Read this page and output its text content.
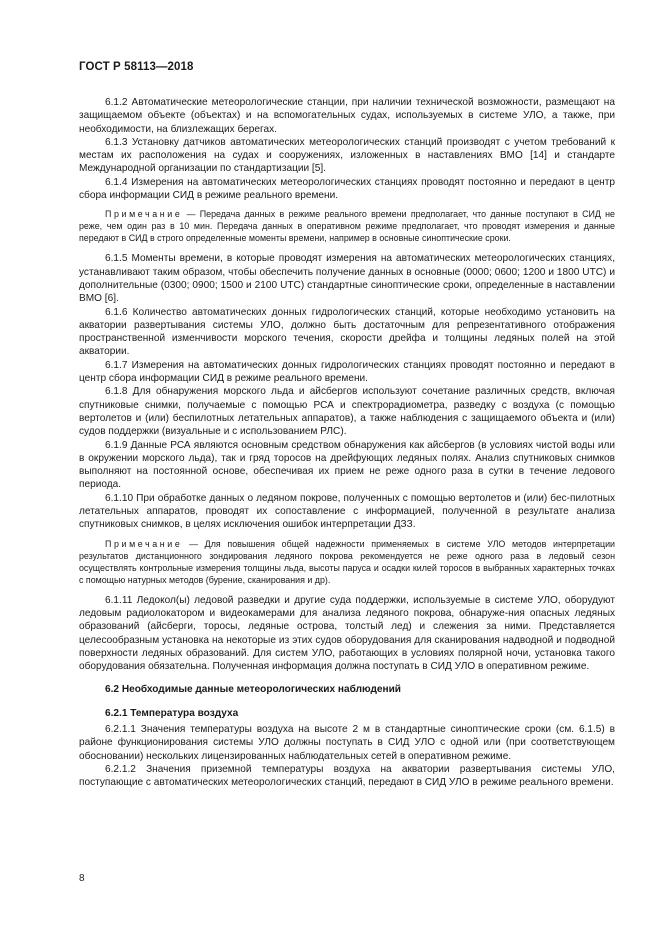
ГОСТ Р 58113—2018

6.1.2 Автоматические метеорологические станции, при наличии технической возможности, размещают на защищаемом объекте (объектах) и на вспомогательных судах, используемых в системе УЛО, а также, при необходимости, на близлежащих берегах.

6.1.3 Установку датчиков автоматических метеорологических станций производят с учетом требований к местам их расположения на судах и сооружениях, изложенных в наставлениях ВМО [14] и стандарте Международной организации по стандартизации [5].

6.1.4 Измерения на автоматических метеорологических станциях проводят постоянно и передают в центр сбора информации СИД в режиме реального времени.

Примечание — Передача данных в режиме реального времени предполагает, что данные поступают в СИД не реже, чем один раз в 10 мин. Передача данных в оперативном режиме предполагает, что проводят измерения и данные передают в СИД в строго определенные моменты времени, например в основные синоптические сроки.

6.1.5 Моменты времени, в которые проводят измерения на автоматических метеорологических станциях, устанавливают таким образом, чтобы обеспечить получение данных в основные (0000; 0600; 1200 и 1800 UTC) и дополнительные (0300; 0900; 1500 и 2100 UTC) стандартные синоптические сроки, определенные в наставлении ВМО [6].

6.1.6 Количество автоматических донных гидрологических станций, которые необходимо установить на акватории развертывания системы УЛО, должно быть достаточным для репрезентативного отображения пространственной изменчивости морского течения, скорости дрейфа и толщины ледяных полей на этой акватории.

6.1.7 Измерения на автоматических донных гидрологических станциях проводят постоянно и передают в центр сбора информации СИД в режиме реального времени.

6.1.8 Для обнаружения морского льда и айсбергов используют сочетание различных средств, включая спутниковые снимки, получаемые с помощью РСА и спектрорадиометра, разведку с воздуха (с помощью вертолетов и (или) беспилотных летательных аппаратов), а также наблюдения с защищаемого объекта и (или) судов поддержки (визуальные и с использованием РЛС).

6.1.9 Данные РСА являются основным средством обнаружения как айсбергов (в условиях чистой воды или в окружении морского льда), так и гряд торосов на дрейфующих ледяных полях. Анализ спутниковых снимков выполняют на постоянной основе, обеспечивая их прием не реже одного раза в сутки в течение ледового периода.

6.1.10 При обработке данных о ледяном покрове, полученных с помощью вертолетов и (или) бес-пилотных летательных аппаратов, проводят их сопоставление с информацией, полученной в результате анализа спутниковых снимков, в целях исключения ошибок интерпретации ДЗЗ.

Примечание — Для повышения общей надежности применяемых в системе УЛО методов интерпретации результатов дистанционного зондирования ледяного покрова рекомендуется не реже одного раза в ледовый сезон осуществлять контрольные измерения толщины льда, высоты паруса и осадки килей торосов в выбранных характерных точках с помощью натурных методов (бурение, сканирования и др).

6.1.11 Ледокол(ы) ледовой разведки и другие суда поддержки, используемые в системе УЛО, оборудуют ледовым радиолокатором и видеокамерами для анализа ледяного покрова, обнаруже-ния опасных ледяных образований (айсберги, торосы, ледяные острова, толстый лед) и слежения за ними. Представляется целесообразным установка на некоторые из этих судов оборудования для сканирования надводной и подводной поверхности ледяных образований. Для систем УЛО, работающих в условиях полярной ночи, установка такого оборудования обязательна. Полученная информация должна поступать в СИД УЛО в оперативном режиме.

6.2 Необходимые данные метеорологических наблюдений
6.2.1 Температура воздуха

6.2.1.1 Значения температуры воздуха на высоте 2 м в стандартные синоптические сроки (см. 6.1.5) в районе функционирования системы УЛО должны поступать в СИД УЛО с одной или (при соответствующем обосновании) нескольких лицензированных наблюдательных сетей в оперативном режиме.

6.2.1.2 Значения приземной температуры воздуха на акватории развертывания системы УЛО, поступающие с автоматических метеорологических станций, передают в СИД УЛО в режиме реального времени.

8
